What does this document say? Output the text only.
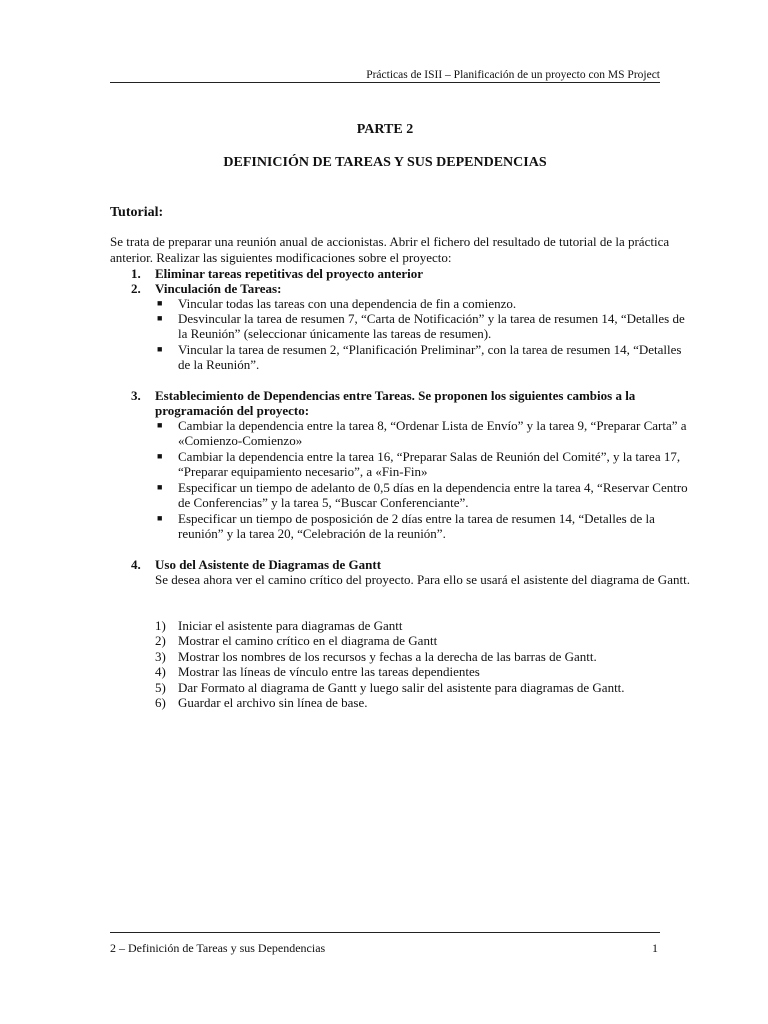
Prácticas de ISII – Planificación de un proyecto con MS Project
PARTE 2
DEFINICIÓN DE TAREAS Y SUS DEPENDENCIAS
Tutorial:
Se trata de preparar una reunión anual de accionistas. Abrir el fichero del resultado de tutorial de la práctica anterior. Realizar las siguientes modificaciones sobre el proyecto:
1. Eliminar tareas repetitivas del proyecto anterior
2. Vinculación de Tareas:
■ Vincular todas las tareas con una dependencia de fin a comienzo.
■ Desvincular la tarea de resumen 7, “Carta de Notificación” y la tarea de resumen 14, “Detalles de la Reunión” (seleccionar únicamente las tareas de resumen).
■ Vincular la tarea de resumen 2, “Planificación Preliminar”, con la tarea de resumen 14, “Detalles de la Reunión”.
3. Establecimiento de Dependencias entre Tareas. Se proponen los siguientes cambios a la programación del proyecto:
■ Cambiar la dependencia entre la tarea 8, “Ordenar Lista de Envío” y la tarea 9, “Preparar Carta” a «Comienzo-Comienzo»
■ Cambiar la dependencia entre la tarea 16, “Preparar Salas de Reunión del Comité”, y la tarea 17, “Preparar equipamiento necesario”, a «Fin-Fin»
■ Especificar un tiempo de adelanto de 0,5 días en la dependencia entre la tarea 4, “Reservar Centro de Conferencias” y la tarea 5, “Buscar Conferenciante”.
■ Especificar un tiempo de posposición de 2 días entre la tarea de resumen 14, “Detalles de la reunión” y la tarea 20, “Celebración de la reunión”.
4. Uso del Asistente de Diagramas de Gantt
Se desea ahora ver el camino crítico del proyecto. Para ello se usará el asistente del diagrama de Gantt.
1) Iniciar el asistente para diagramas de Gantt
2) Mostrar el camino crítico en el diagrama de Gantt
3) Mostrar los nombres de los recursos y fechas a la derecha de las barras de Gantt.
4) Mostrar las líneas de vínculo entre las tareas dependientes
5) Dar Formato al diagrama de Gantt y luego salir del asistente para diagramas de Gantt.
6) Guardar el archivo sin línea de base.
2 – Definición de Tareas y sus Dependencias	1
